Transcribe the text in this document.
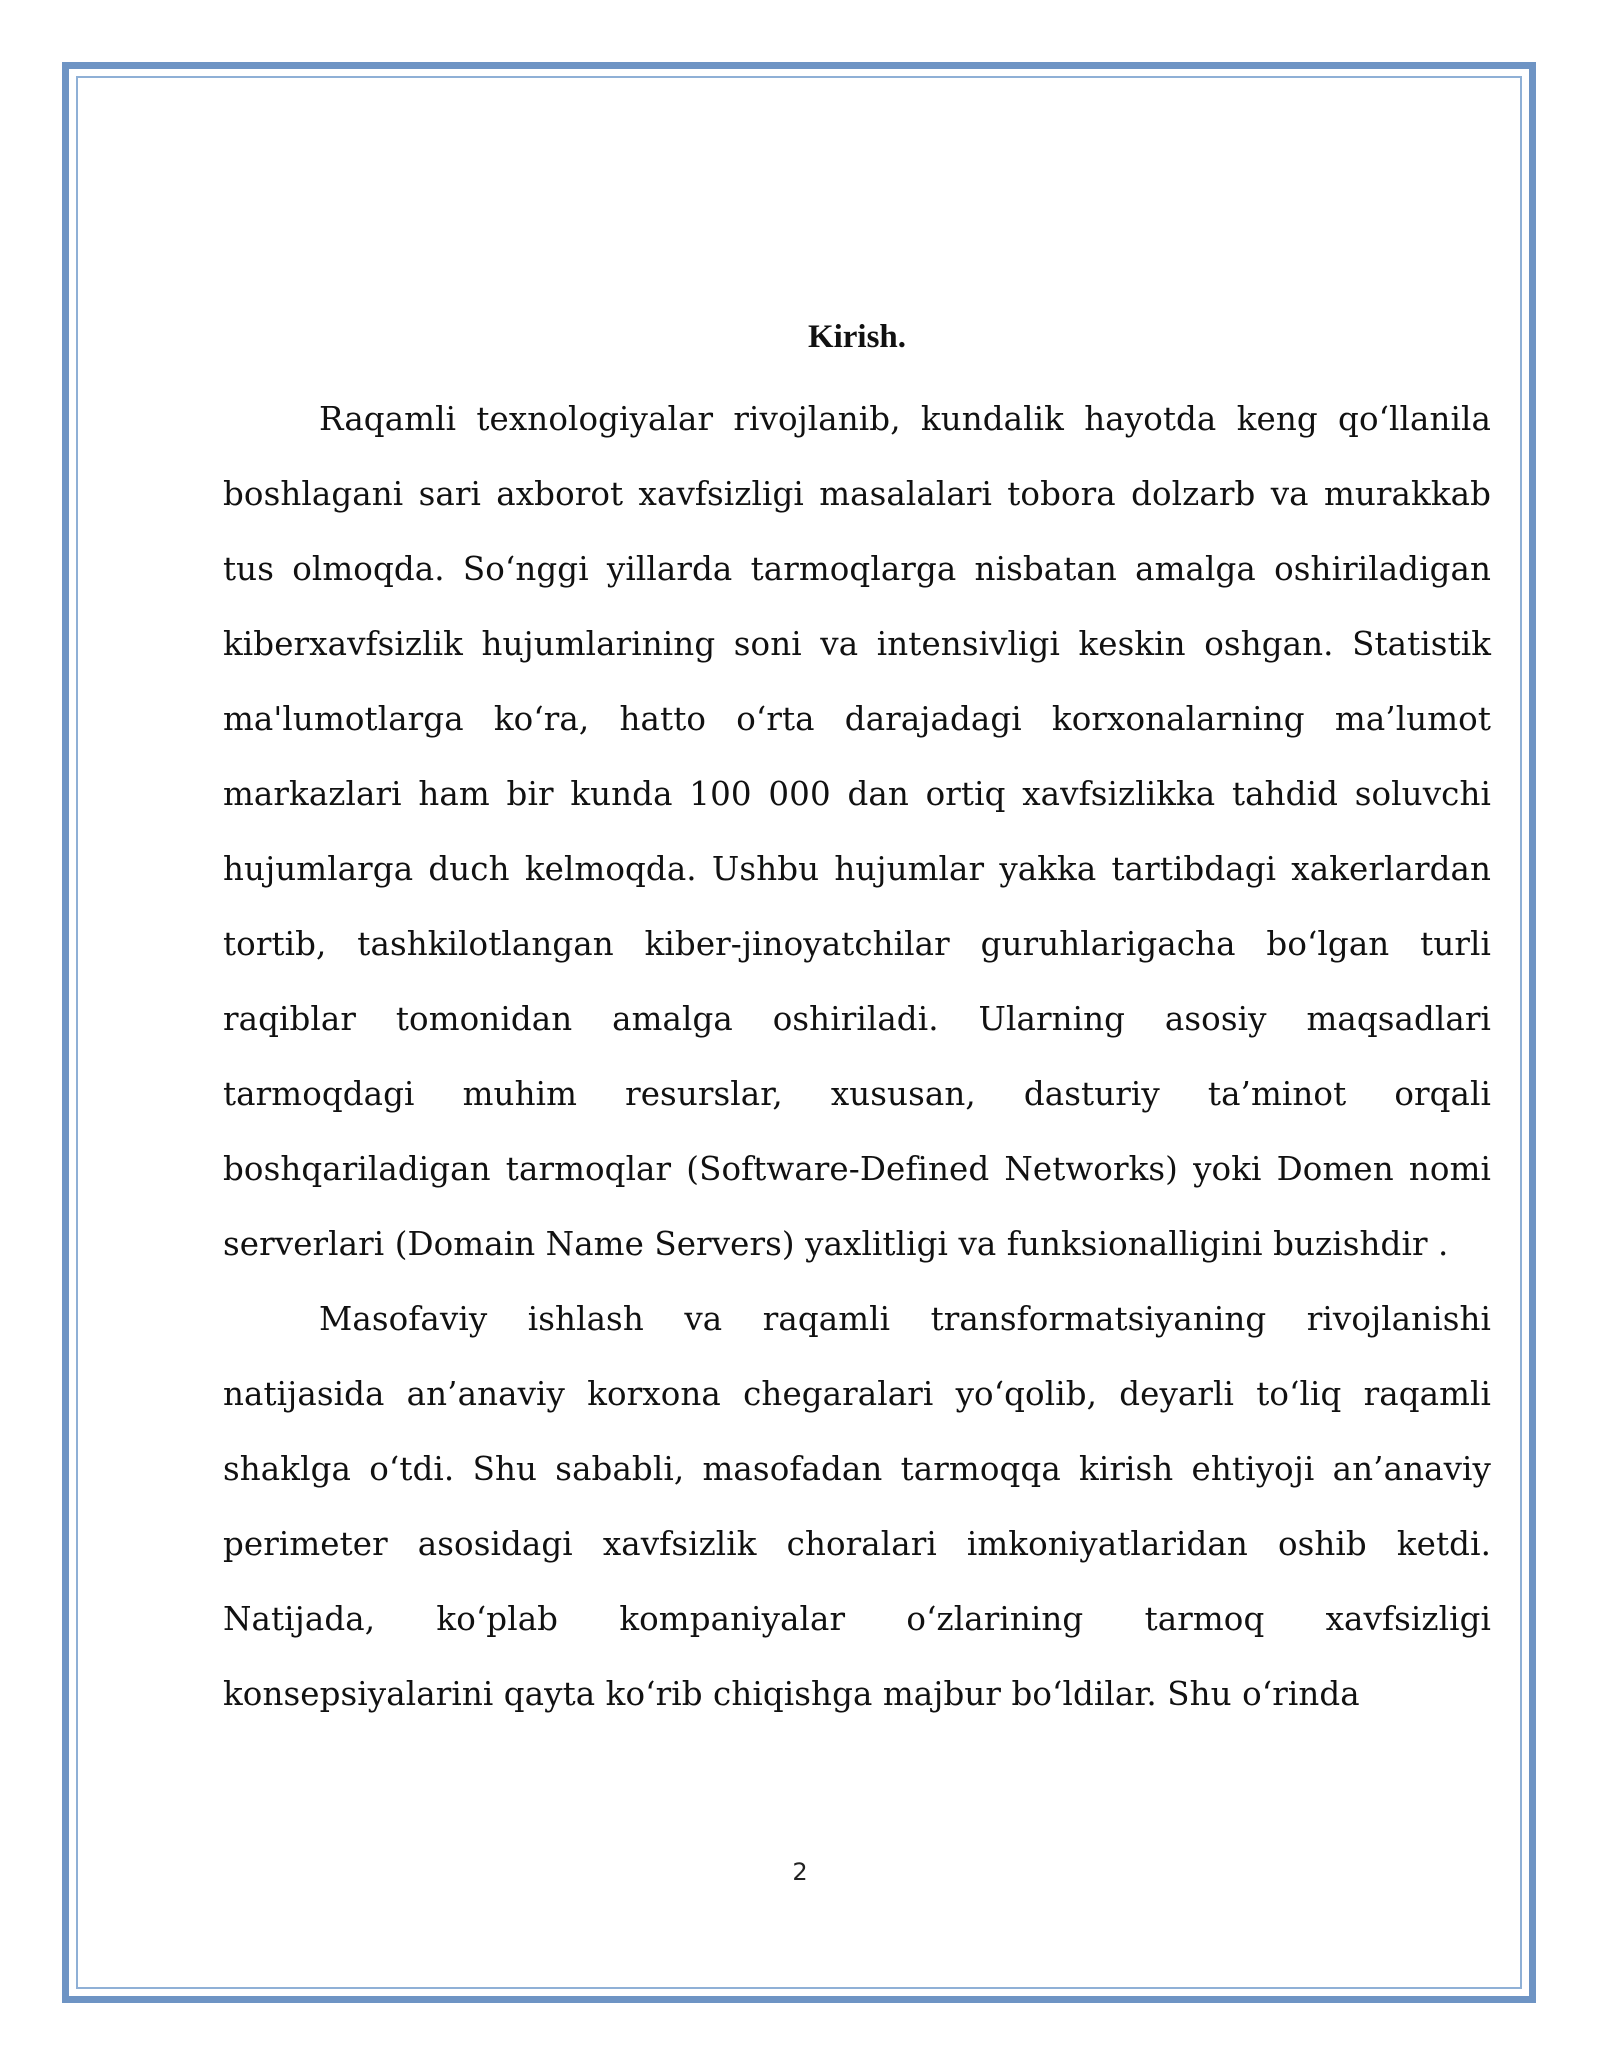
Kirish.

Raqamli texnologiyalar rivojlanib, kundalik hayotda keng qo‘llanila boshlagani sari axborot xavfsizligi masalalari tobora dolzarb va murakkab tus olmoqda. So‘nggi yillarda tarmoqlarga nisbatan amalga oshiriladigan kiberxavfsizlik hujumlarining soni va intensivligi keskin oshgan. Statistik ma'lumotlarga ko‘ra, hatto o‘rta darajadagi korxonalarning ma’lumot markazlari ham bir kunda 100 000 dan ortiq xavfsizlikka tahdid soluvchi hujumlarga duch kelmoqda. Ushbu hujumlar yakka tartibdagi xakerlardan tortib, tashkilotlangan kiber-jinoyatchilar guruhlarigacha bo‘lgan turli raqiblar tomonidan amalga oshiriladi. Ularning asosiy maqsadlari tarmoqdagi muhim resurslar, xususan, dasturiy ta’minot orqali boshqariladigan tarmoqlar (Software-Defined Networks) yoki Domen nomi serverlari (Domain Name Servers) yaxlitligi va funksionalligini buzishdir .

Masofaviy ishlash va raqamli transformatsiyaning rivojlanishi natijasida an’anaviy korxona chegaralari yo‘qolib, deyarli to‘liq raqamli shaklga o‘tdi. Shu sababli, masofadan tarmoqqa kirish ehtiyoji an’anaviy perimeter asosidagi xavfsizlik choralari imkoniyatlaridan oshib ketdi. Natijada, ko‘plab kompaniyalar o‘zlarining tarmoq xavfsizligi konsepsiyalarini qayta ko‘rib chiqishga majbur bo‘ldilar. Shu o‘rinda

2
